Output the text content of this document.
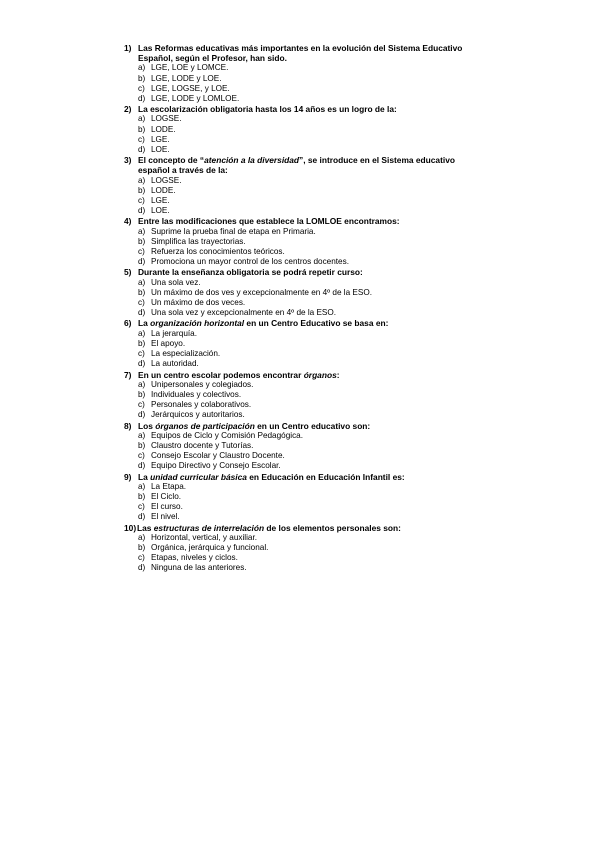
1) Las Reformas educativas más importantes en la evolución del Sistema Educativo Español, según el Profesor, han sido.
a) LGE, LOE y LOMCE.
b) LGE, LODE y LOE.
c) LGE, LOGSE, y LOE.
d) LGE, LODE y LOMLOE.
2) La escolarización obligatoria hasta los 14 años es un logro de la:
a) LOGSE.
b) LODE.
c) LGE.
d) LOE.
3) El concepto de “atención a la diversidad”, se introduce en el Sistema educativo español a través de la:
a) LOGSE.
b) LODE.
c) LGE.
d) LOE.
4) Entre las modificaciones que establece la LOMLOE encontramos:
a) Suprime la prueba final de etapa en Primaria.
b) Simplifica las trayectorias.
c) Refuerza los conocimientos teóricos.
d) Promociona un mayor control de los centros docentes.
5) Durante la enseñanza obligatoria se podrá repetir curso:
a) Una sola vez.
b) Un máximo de dos ves y excepcionalmente en 4º de la ESO.
c) Un máximo de dos veces.
d) Una sola vez y excepcionalmente en 4º de la ESO.
6) La organización horizontal en un Centro Educativo se basa en:
a) La jerarquía.
b) El apoyo.
c) La especialización.
d) La autoridad.
7) En un centro escolar podemos encontrar órganos:
a) Unipersonales y colegiados.
b) Individuales y colectivos.
c) Personales y colaborativos.
d) Jerárquicos y autoritarios.
8) Los órganos de participación en un Centro educativo son:
a) Equipos de Ciclo y Comisión Pedagógica.
b) Claustro docente y Tutorías.
c) Consejo Escolar y Claustro Docente.
d) Equipo Directivo y Consejo Escolar.
9) La unidad curricular básica en Educación en Educación Infantil es:
a) La Etapa.
b) El Ciclo.
c) El curso.
d) El nivel.
10) Las estructuras de interrelación de los elementos personales son:
a) Horizontal, vertical, y auxiliar.
b) Orgánica, jerárquica y funcional.
c) Etapas, niveles y ciclos.
d) Ninguna de las anteriores.
